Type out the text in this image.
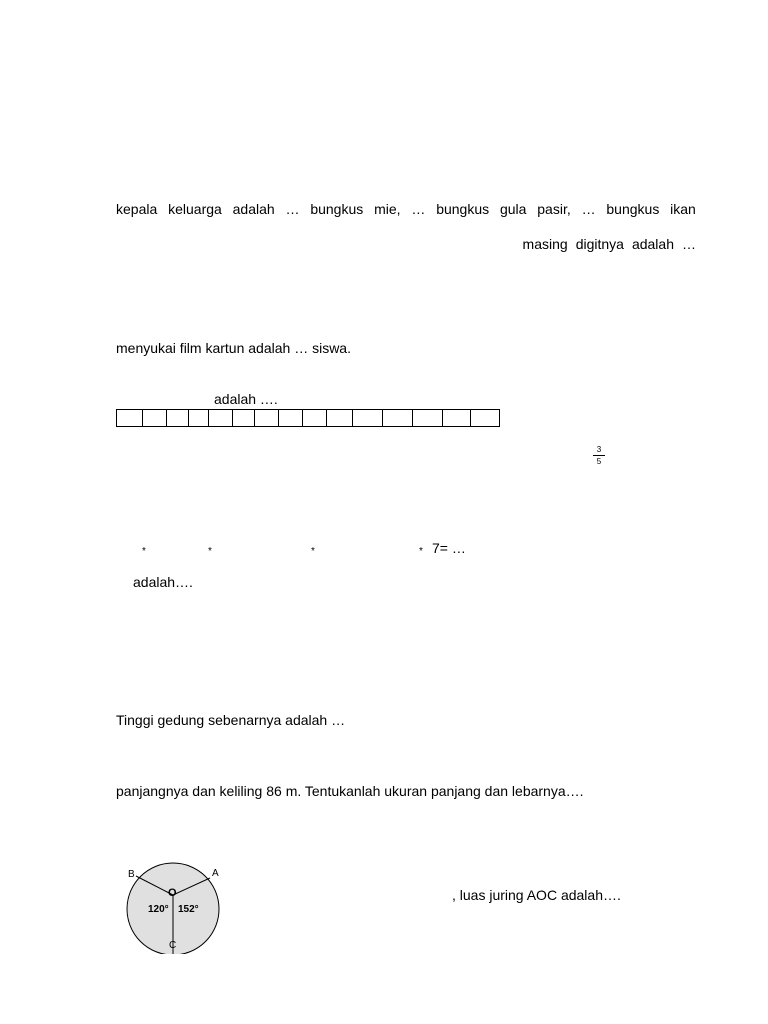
kepala keluarga adalah … bungkus mie, … bungkus gula pasir, … bungkus ikan
masing digitnya adalah …
menyukai film kartun adalah … siswa.
adalah ….
$\frac{3}{5}$
*	*	*	* 7= …
adalah….
Tinggi gedung sebenarnya adalah …
panjangnya dan keliling 86 m. Tentukanlah ukuran panjang dan lebarnya….
B	A
O
120° 152°
C
, luas juring AOC adalah….
